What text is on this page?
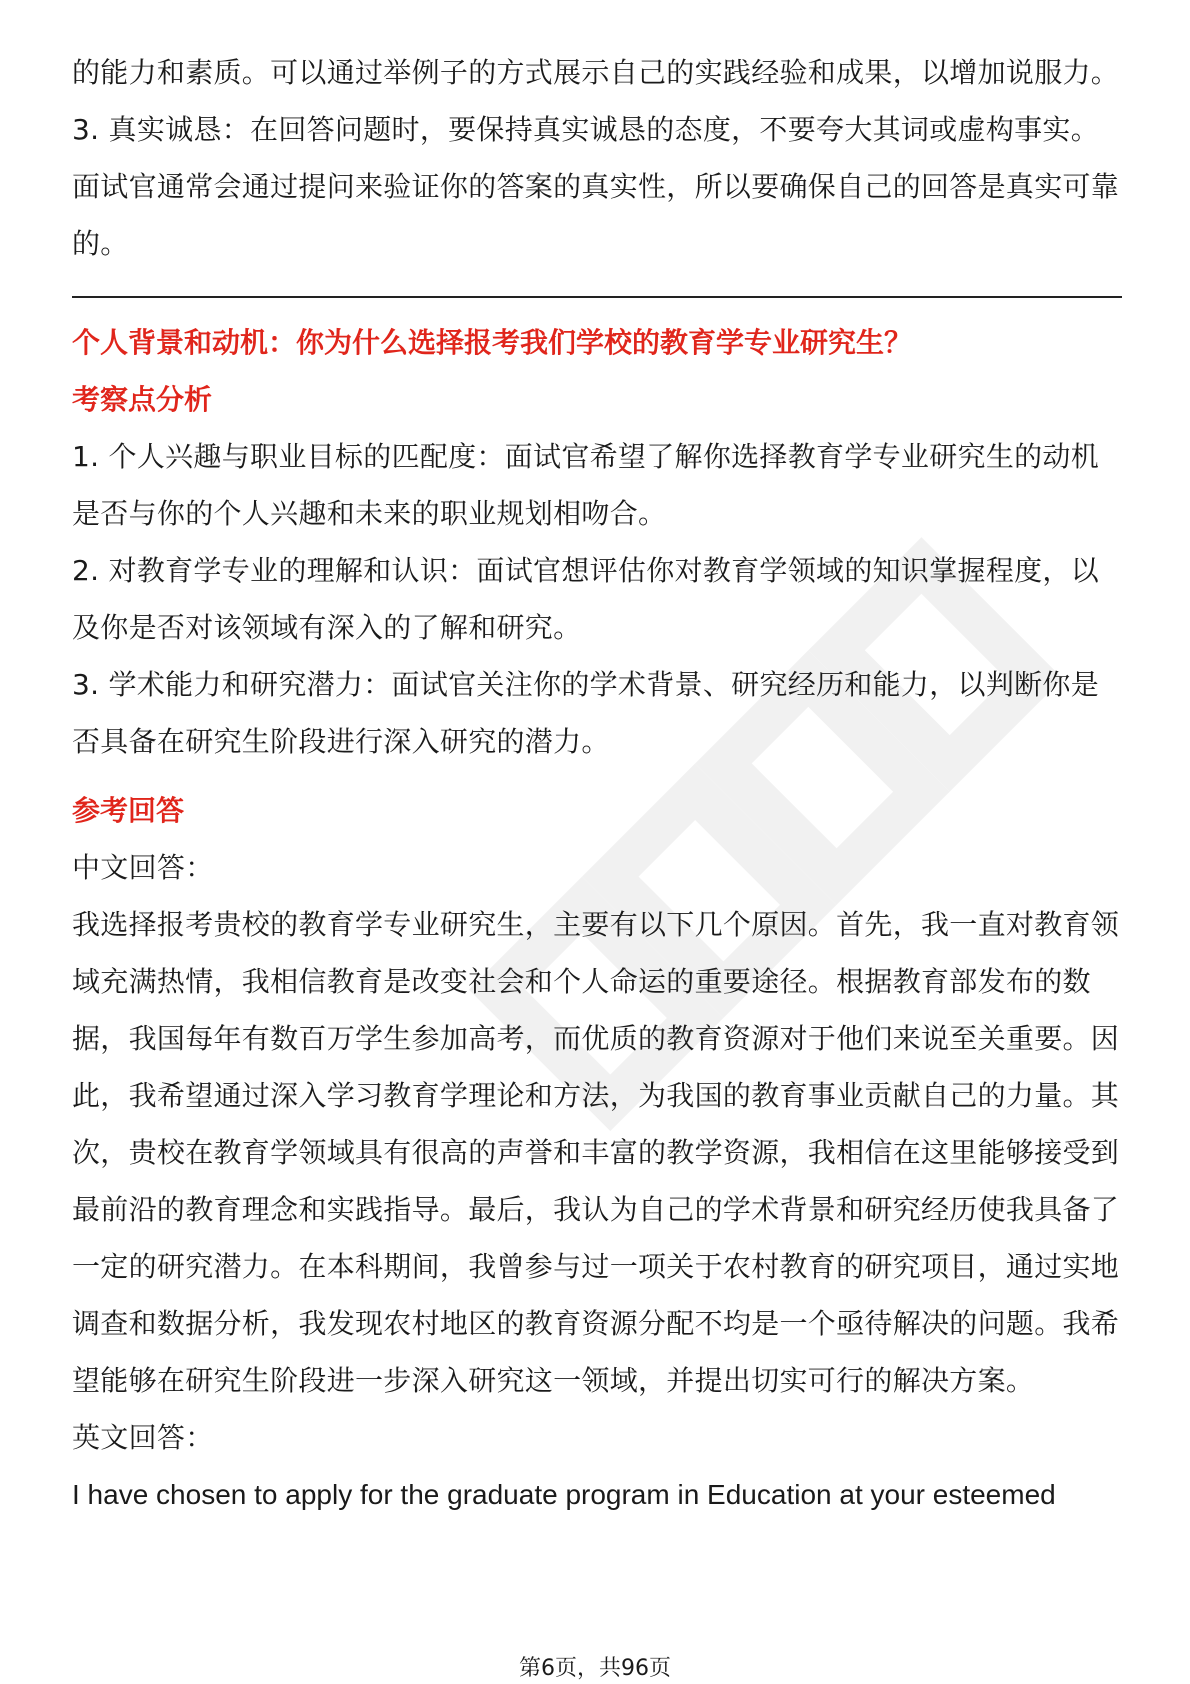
的能力和素质。可以通过举例子的方式展示自己的实践经验和成果，以增加说服力。

3. 真实诚恳：在回答问题时，要保持真实诚恳的态度，不要夸大其词或虚构事实。面试官通常会通过提问来验证你的答案的真实性，所以要确保自己的回答是真实可靠的。

个人背景和动机：你为什么选择报考我们学校的教育学专业研究生？

考察点分析

1. 个人兴趣与职业目标的匹配度：面试官希望了解你选择教育学专业研究生的动机是否与你的个人兴趣和未来的职业规划相吻合。

2. 对教育学专业的理解和认识：面试官想评估你对教育学领域的知识掌握程度，以及你是否对该领域有深入的了解和研究。

3. 学术能力和研究潜力：面试官关注你的学术背景、研究经历和能力，以判断你是否具备在研究生阶段进行深入研究的潜力。

参考回答

中文回答：

我选择报考贵校的教育学专业研究生，主要有以下几个原因。首先，我一直对教育领域充满热情，我相信教育是改变社会和个人命运的重要途径。根据教育部发布的数据，我国每年有数百万学生参加高考，而优质的教育资源对于他们来说至关重要。因此，我希望通过深入学习教育学理论和方法，为我国的教育事业贡献自己的力量。其次，贵校在教育学领域具有很高的声誉和丰富的教学资源，我相信在这里能够接受到最前沿的教育理念和实践指导。最后，我认为自己的学术背景和研究经历使我具备了一定的研究潜力。在本科期间，我曾参与过一项关于农村教育的研究项目，通过实地调查和数据分析，我发现农村地区的教育资源分配不均是一个亟待解决的问题。我希望能够在研究生阶段进一步深入研究这一领域，并提出切实可行的解决方案。

英文回答：

I have chosen to apply for the graduate program in Education at your esteemed

第6页，共96页
